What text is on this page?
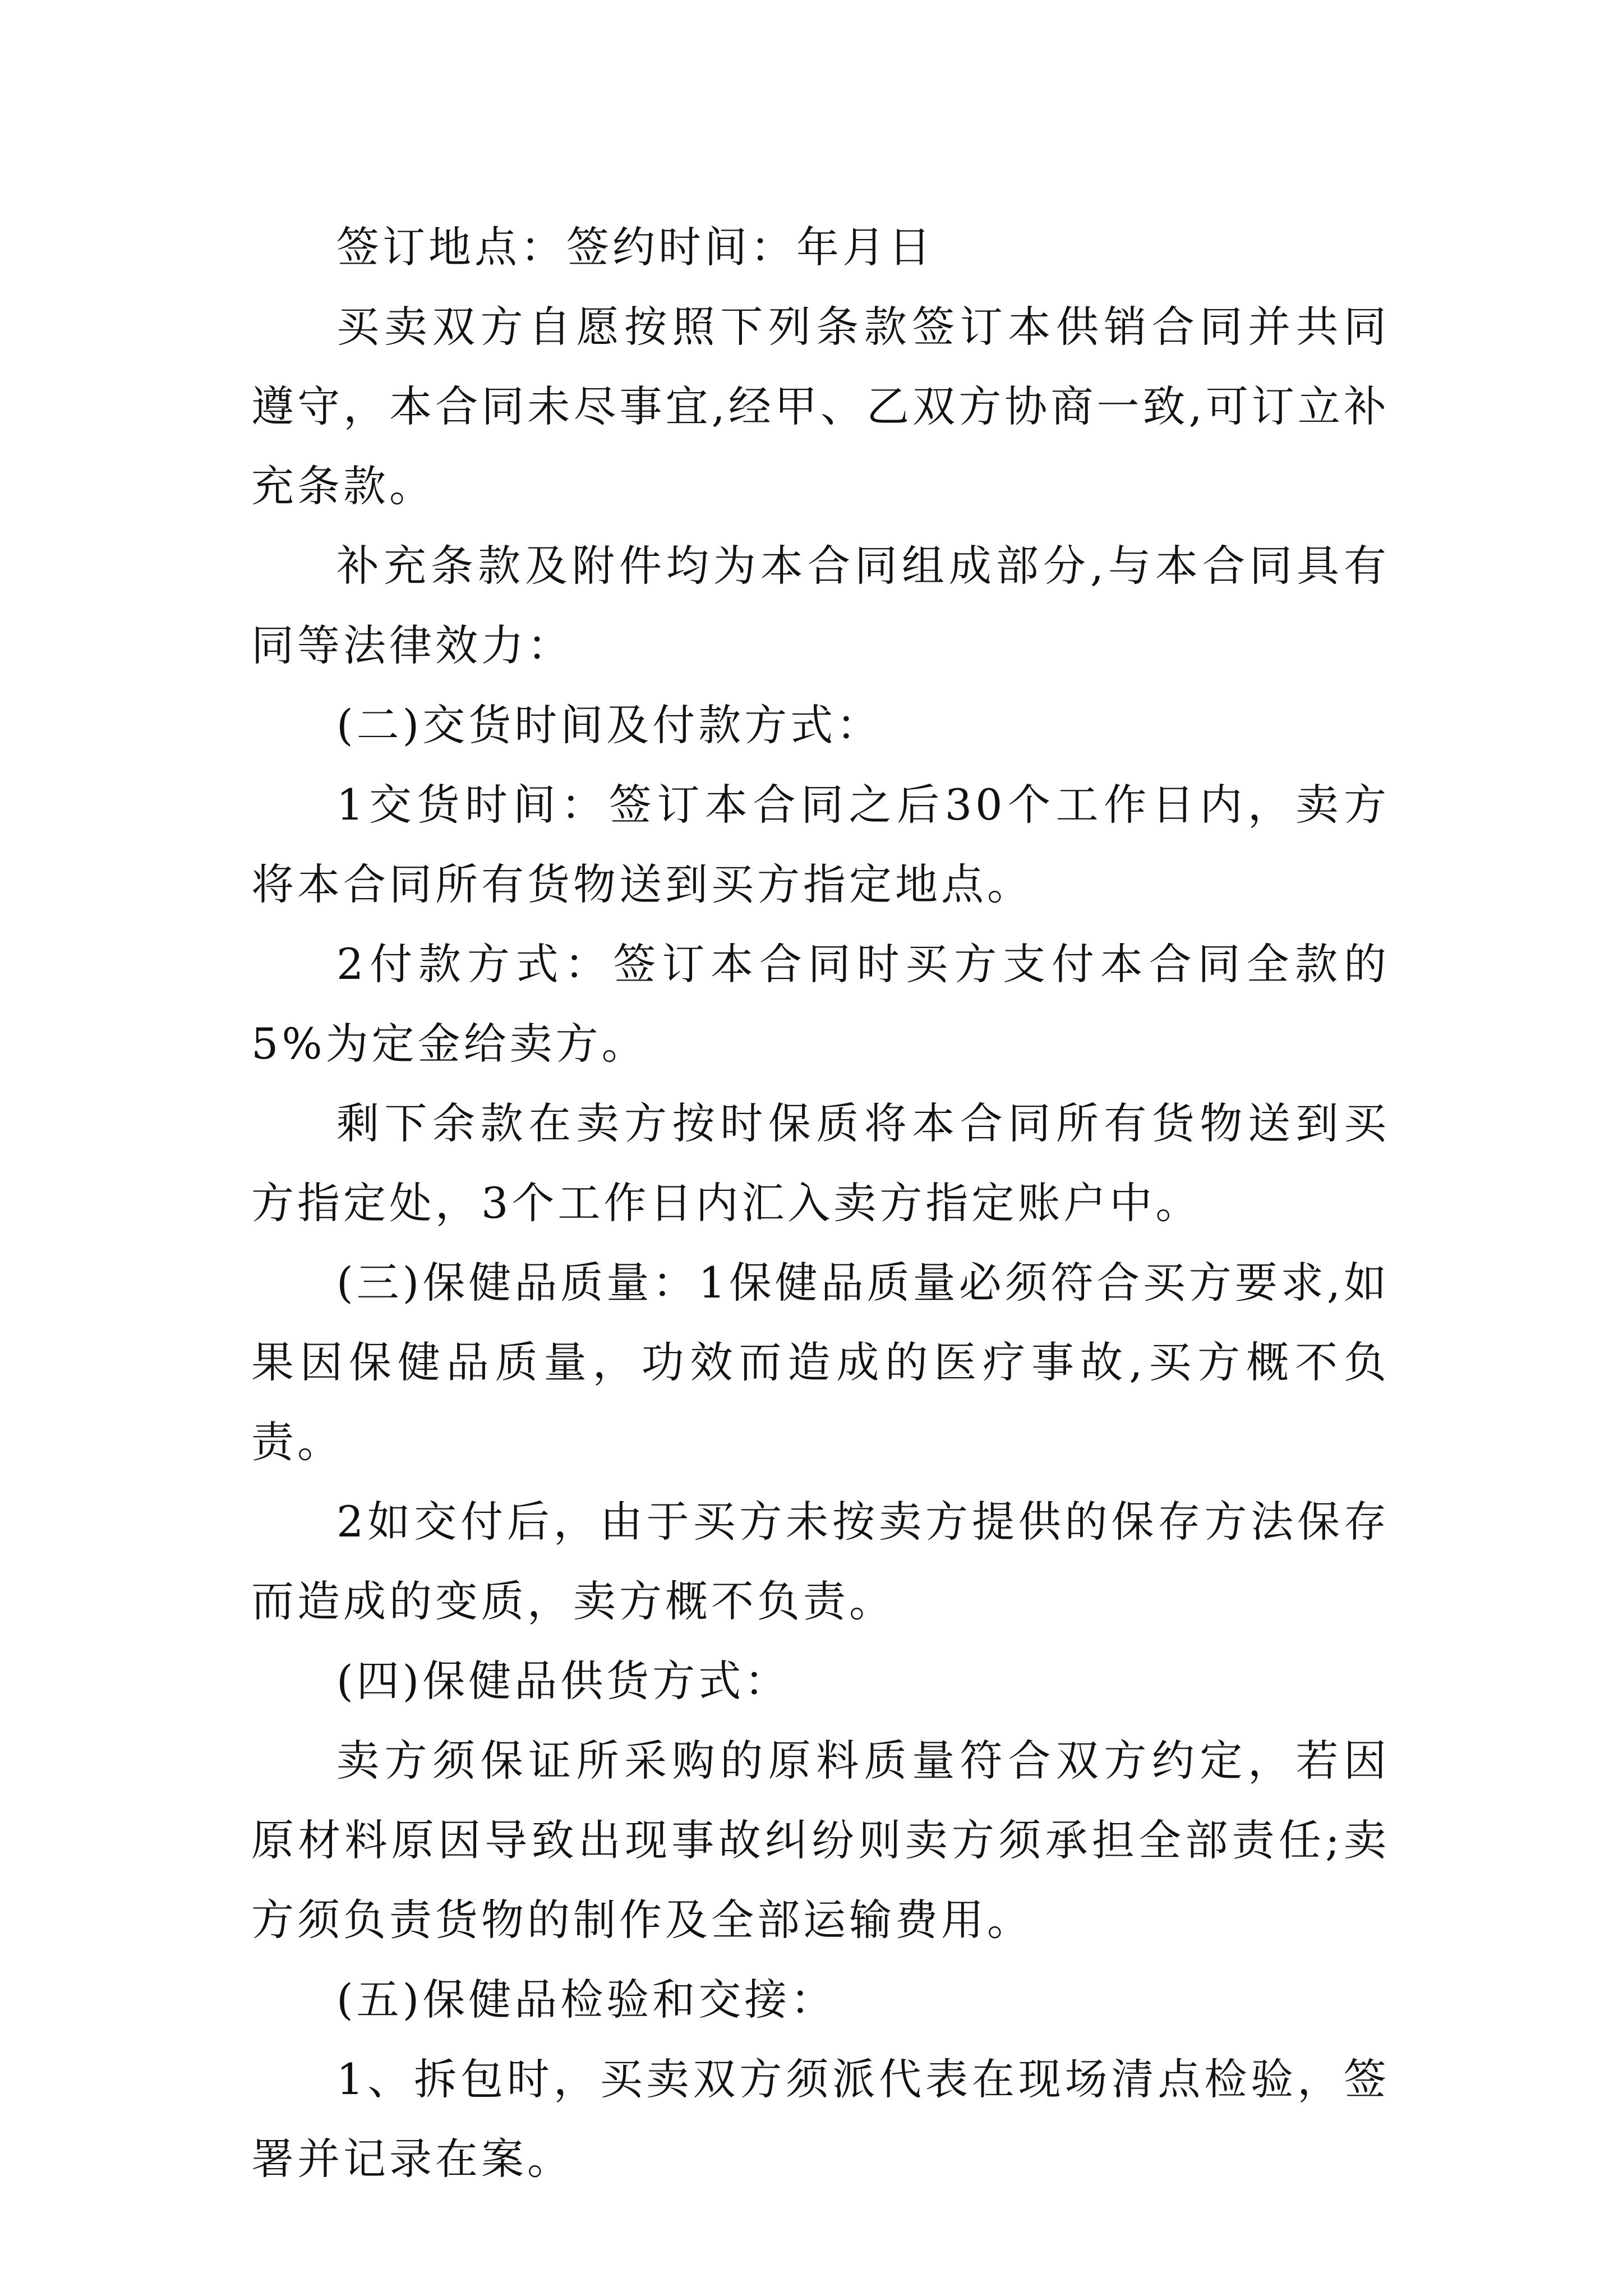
签订地点：签约时间：年月日

买卖双方自愿按照下列条款签订本供销合同并共同遵守，本合同未尽事宜,经甲、乙双方协商一致,可订立补充条款。

补充条款及附件均为本合同组成部分,与本合同具有同等法律效力：

(二)交货时间及付款方式：

1交货时间：签订本合同之后30个工作日内，卖方将本合同所有货物送到买方指定地点。

2付款方式：签订本合同时买方支付本合同全款的5%为定金给卖方。

剩下余款在卖方按时保质将本合同所有货物送到买方指定处，3个工作日内汇入卖方指定账户中。

(三)保健品质量：1保健品质量必须符合买方要求,如果因保健品质量，功效而造成的医疗事故,买方概不负责。

2如交付后，由于买方未按卖方提供的保存方法保存而造成的变质，卖方概不负责。

(四)保健品供货方式：

卖方须保证所采购的原料质量符合双方约定，若因原材料原因导致出现事故纠纷则卖方须承担全部责任;卖方须负责货物的制作及全部运输费用。

(五)保健品检验和交接：

1、拆包时，买卖双方须派代表在现场清点检验，签署并记录在案。
